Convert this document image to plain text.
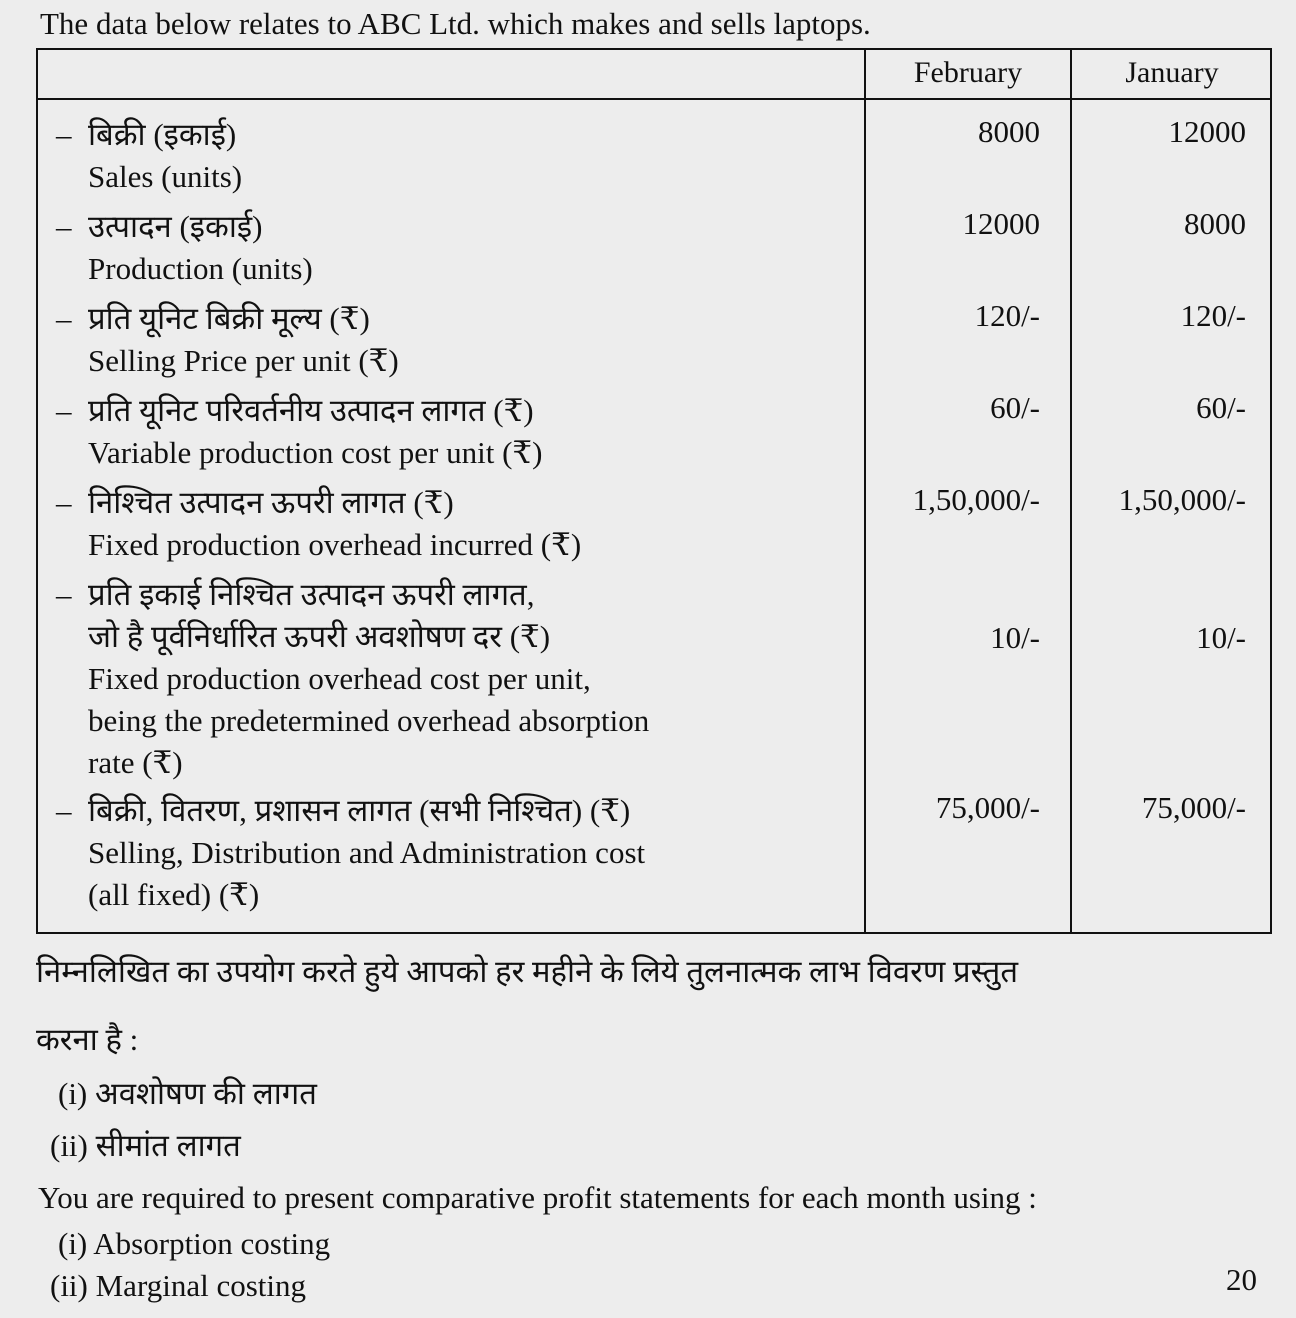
The data below relates to ABC Ltd. which makes and sells laptops.
February	January
– बिक्री (इकाई)
Sales (units)
8000	12000
– उत्पादन (इकाई)
Production (units)
12000	8000
– प्रति यूनिट बिक्री मूल्य (₹)
Selling Price per unit (₹)
120/-	120/-
– प्रति यूनिट परिवर्तनीय उत्पादन लागत (₹)
Variable production cost per unit (₹)
60/-	60/-
– निश्चित उत्पादन ऊपरी लागत (₹)
Fixed production overhead incurred (₹)
1,50,000/-	1,50,000/-
– प्रति इकाई निश्चित उत्पादन ऊपरी लागत,
जो है पूर्वनिर्धारित ऊपरी अवशोषण दर (₹)
Fixed production overhead cost per unit,
being the predetermined overhead absorption
rate (₹)
10/-	10/-
– बिक्री, वितरण, प्रशासन लागत (सभी निश्चित) (₹)
Selling, Distribution and Administration cost
(all fixed) (₹)
75,000/-	75,000/-
निम्नलिखित का उपयोग करते हुये आपको हर महीने के लिये तुलनात्मक लाभ विवरण प्रस्तुत
करना है :
(i) अवशोषण की लागत
(ii) सीमांत लागत
You are required to present comparative profit statements for each month using :
(i) Absorption costing
(ii) Marginal costing	20
